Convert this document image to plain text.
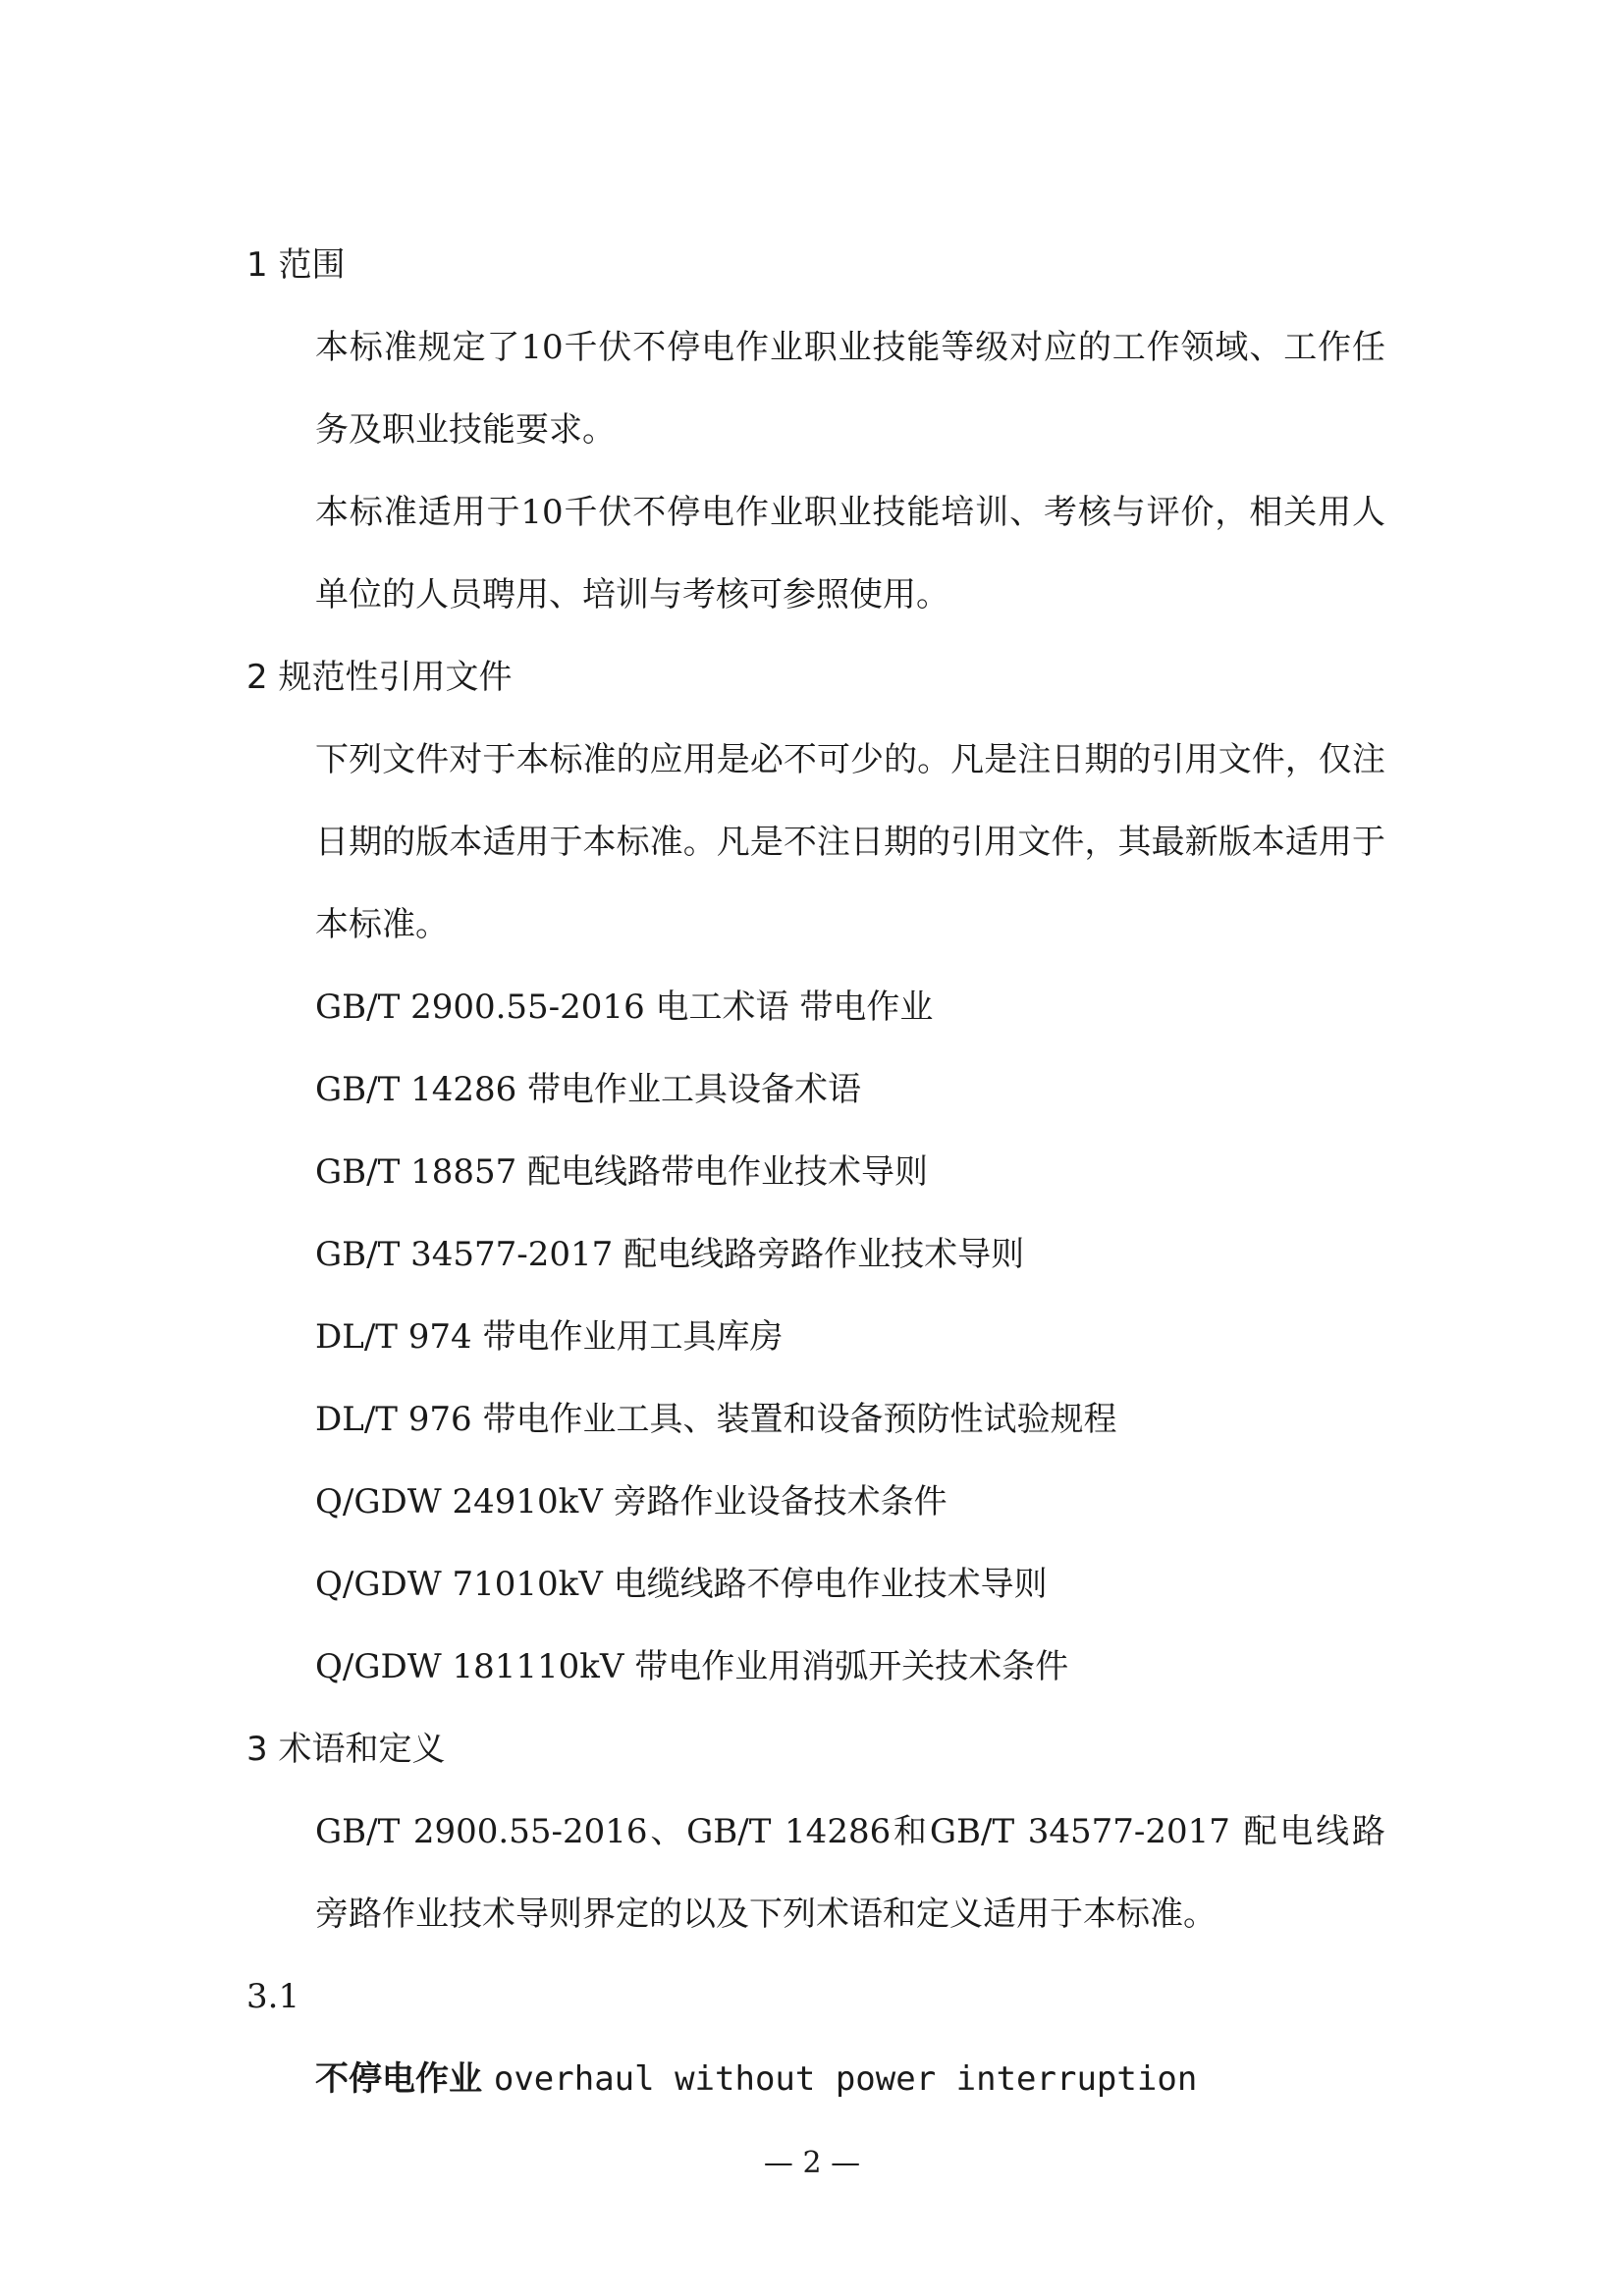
1 范围

本标准规定了10千伏不停电作业职业技能等级对应的工作领域、工作任务及职业技能要求。

本标准适用于10千伏不停电作业职业技能培训、考核与评价，相关用人单位的人员聘用、培训与考核可参照使用。

2 规范性引用文件

下列文件对于本标准的应用是必不可少的。凡是注日期的引用文件，仅注日期的版本适用于本标准。凡是不注日期的引用文件，其最新版本适用于本标准。

GB/T 2900.55-2016 电工术语 带电作业

GB/T 14286 带电作业工具设备术语

GB/T 18857 配电线路带电作业技术导则

GB/T 34577-2017 配电线路旁路作业技术导则

DL/T 974 带电作业用工具库房

DL/T 976 带电作业工具、装置和设备预防性试验规程

Q/GDW 24910kV 旁路作业设备技术条件

Q/GDW 71010kV 电缆线路不停电作业技术导则

Q/GDW 181110kV 带电作业用消弧开关技术条件

3 术语和定义

GB/T 2900.55-2016、GB/T 14286和GB/T 34577-2017 配电线路旁路作业技术导则界定的以及下列术语和定义适用于本标准。

3.1

不停电作业 overhaul without power interruption

— 2 —
